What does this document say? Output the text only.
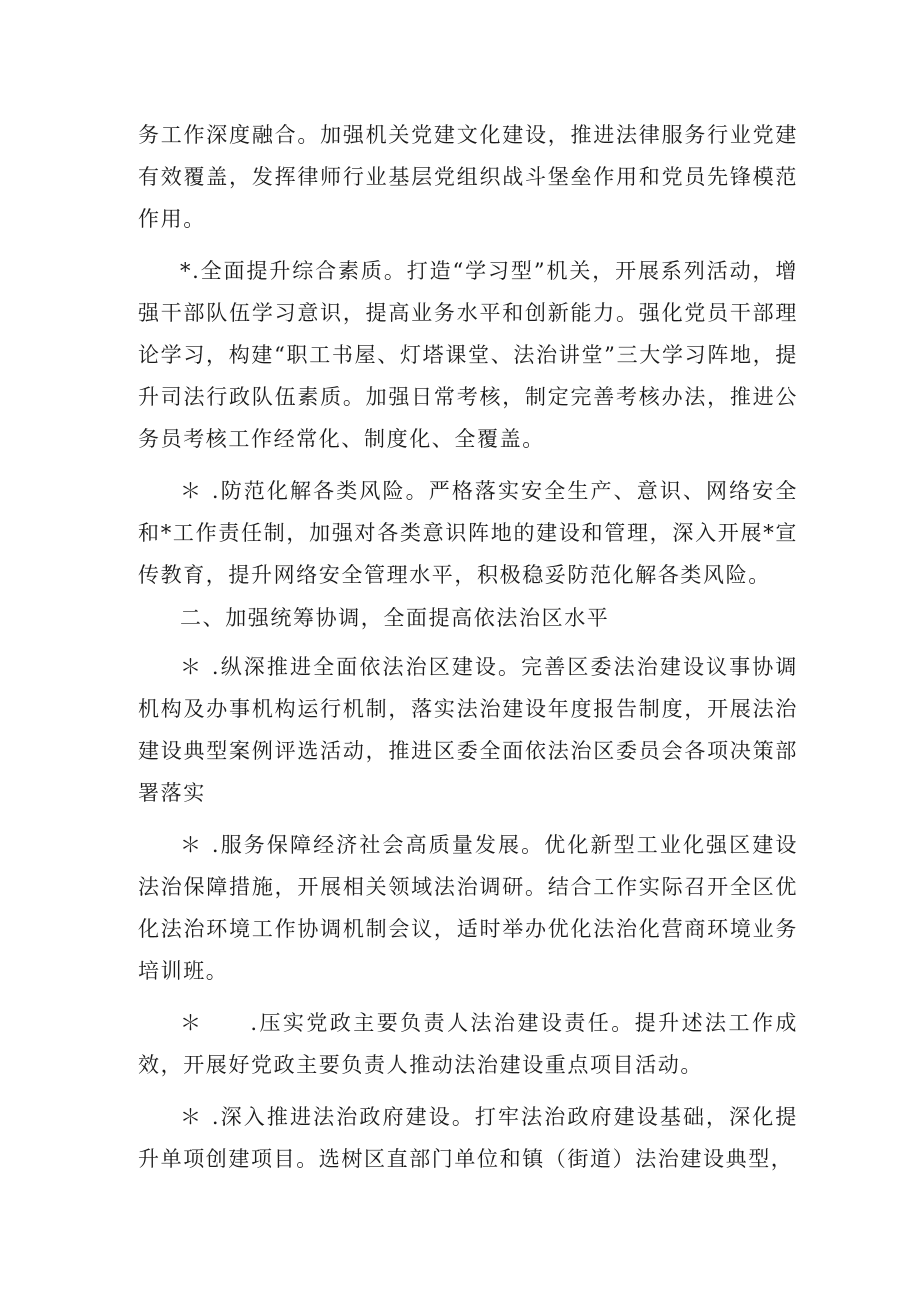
务工作深度融合。加强机关党建文化建设，推进法律服务行业党建有效覆盖，发挥律师行业基层党组织战斗堡垒作用和党员先锋模范作用。

*.全面提升综合素质。打造“学习型”机关，开展系列活动，增强干部队伍学习意识，提高业务水平和创新能力。强化党员干部理论学习，构建“职工书屋、灯塔课堂、法治讲堂”三大学习阵地，提升司法行政队伍素质。加强日常考核，制定完善考核办法，推进公务员考核工作经常化、制度化、全覆盖。

＊ .防范化解各类风险。严格落实安全生产、意识、网络安全和*工作责任制，加强对各类意识阵地的建设和管理，深入开展*宣传教育，提升网络安全管理水平，积极稳妥防范化解各类风险。

二、加强统筹协调，全面提高依法治区水平

＊ .纵深推进全面依法治区建设。完善区委法治建设议事协调机构及办事机构运行机制，落实法治建设年度报告制度，开展法治建设典型案例评选活动，推进区委全面依法治区委员会各项决策部署落实

＊ .服务保障经济社会高质量发展。优化新型工业化强区建设法治保障措施，开展相关领域法治调研。结合工作实际召开全区优化法治环境工作协调机制会议，适时举办优化法治化营商环境业务培训班。

＊　　.压实党政主要负责人法治建设责任。提升述法工作成效，开展好党政主要负责人推动法治建设重点项目活动。

＊ .深入推进法治政府建设。打牢法治政府建设基础，深化提升单项创建项目。选树区直部门单位和镇（街道）法治建设典型，
